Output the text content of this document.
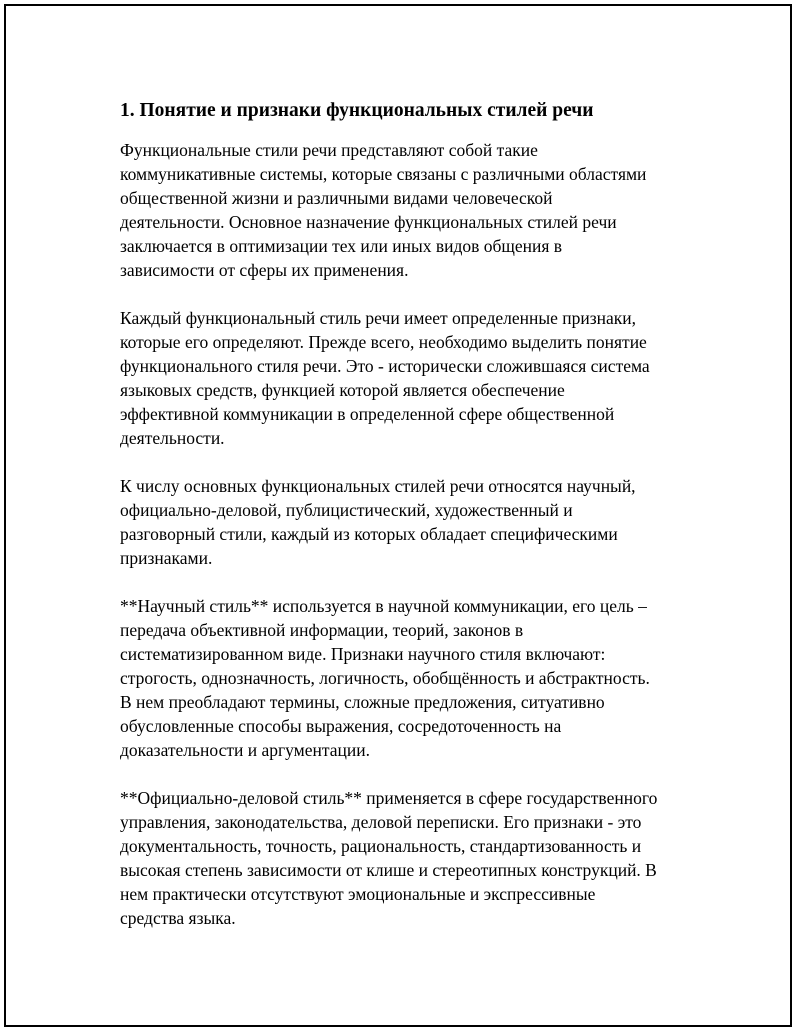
1. Понятие и признаки функциональных стилей речи

Функциональные стили речи представляют собой такие
коммуникативные системы, которые связаны с различными областями
общественной жизни и различными видами человеческой
деятельности. Основное назначение функциональных стилей речи
заключается в оптимизации тех или иных видов общения в
зависимости от сферы их применения.

Каждый функциональный стиль речи имеет определенные признаки,
которые его определяют. Прежде всего, необходимо выделить понятие
функционального стиля речи. Это - исторически сложившаяся система
языковых средств, функцией которой является обеспечение
эффективной коммуникации в определенной сфере общественной
деятельности.

К числу основных функциональных стилей речи относятся научный,
официально-деловой, публицистический, художественный и
разговорный стили, каждый из которых обладает специфическими
признаками.

**Научный стиль** используется в научной коммуникации, его цель –
передача объективной информации, теорий, законов в
систематизированном виде. Признаки научного стиля включают:
строгость, однозначность, логичность, обобщённость и абстрактность.
В нем преобладают термины, сложные предложения, ситуативно
обусловленные способы выражения, сосредоточенность на
доказательности и аргументации.

**Официально-деловой стиль** применяется в сфере государственного
управления, законодательства, деловой переписки. Его признаки - это
документальность, точность, рациональность, стандартизованность и
высокая степень зависимости от клише и стереотипных конструкций. В
нем практически отсутствуют эмоциональные и экспрессивные
средства языка.
